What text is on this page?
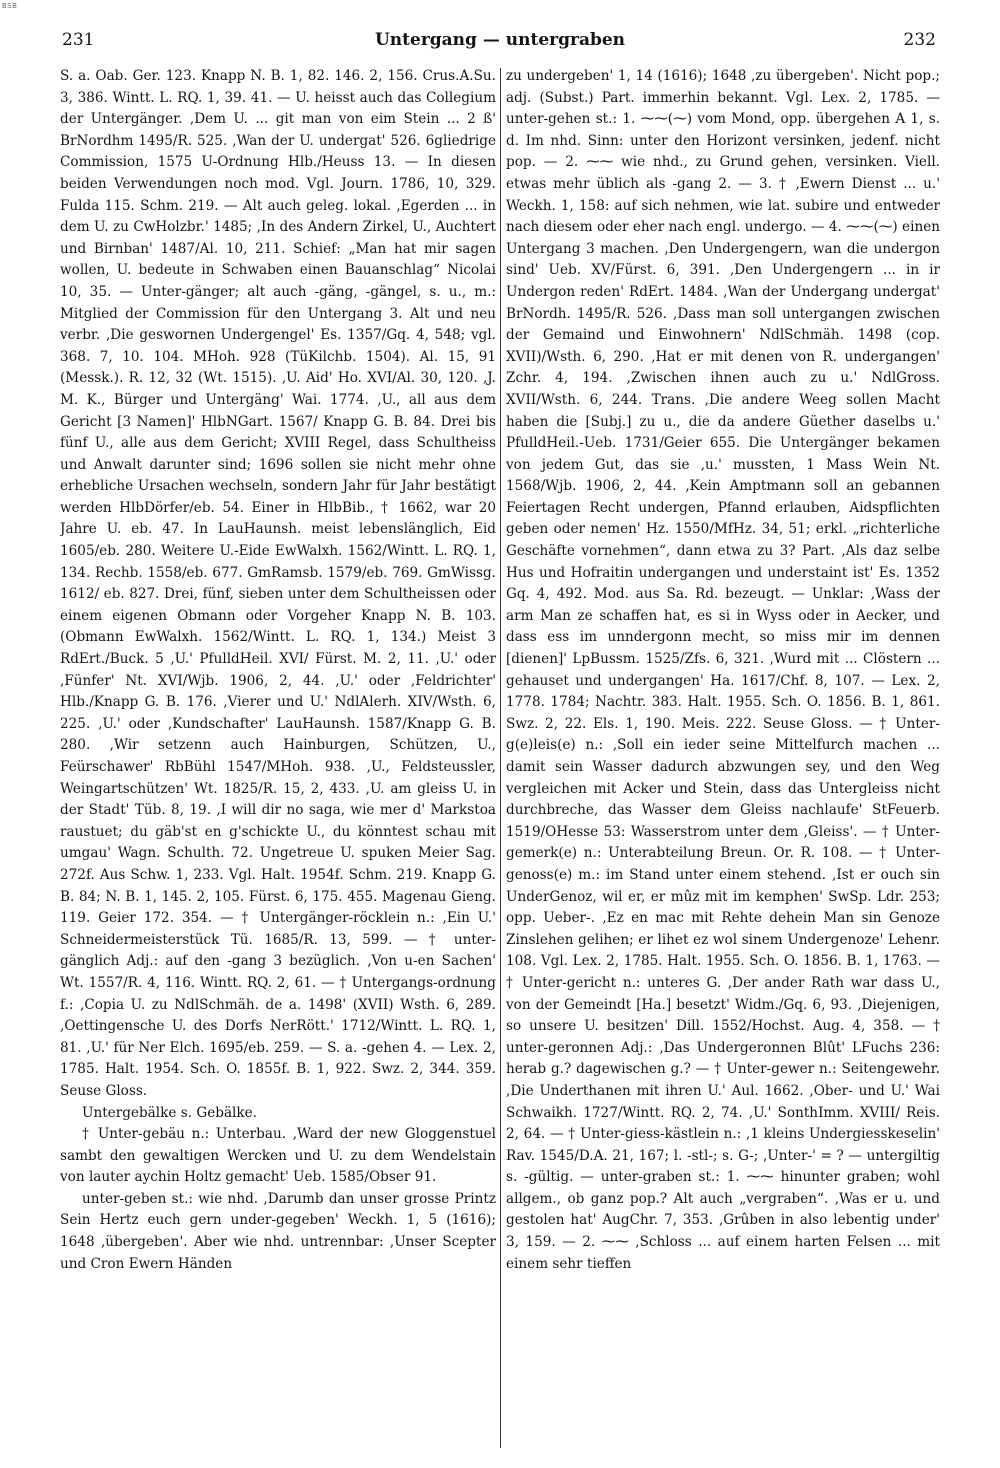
BSB
231	Untergang — untergraben	232

S. a. Oab. Ger. 123. Knapp N. B. 1, 82. 146. 2, 156. Crus.A.Su. 3, 386. Wintt. L. RQ. 1, 39. 41. — U. heisst auch das Collegium der Untergänger. ,Dem U. ... git man von eim Stein ... 2 ß' BrNordhm 1495/R. 525. ,Wan der U. undergat' 526. 6gliedrige Commission, 1575 U-Ordnung Hlb./Heuss 13. — In diesen beiden Verwendungen noch mod. Vgl. Journ. 1786, 10, 329. Fulda 115. Schm. 219. — Alt auch geleg. lokal. ,Egerden ... in dem U. zu CwHolzbr.' 1485; ,In des Andern Zirkel, U., Auchtert und Birnban' 1487/Al. 10, 211. Schief: „Man hat mir sagen wollen, U. bedeute in Schwaben einen Bauanschlag“ Nicolai 10, 35. — Unter-gänger; alt auch -gäng, -gängel, s. u., m.: Mitglied der Commission für den Untergang 3. Alt und neu verbr. ,Die geswornen Undergengel' Es. 1357/Gq. 4, 548; vgl. 368. 7, 10. 104. MHoh. 928 (TüKilchb. 1504). Al. 15, 91 (Messk.). R. 12, 32 (Wt. 1515). ,U. Aid' Ho. XVI/Al. 30, 120. ,J. M. K., Bürger und Untergäng' Wai. 1774. ,U., all aus dem Gericht [3 Namen]' HlbNGart. 1567/ Knapp G. B. 84. Drei bis fünf U., alle aus dem Gericht; XVIII Regel, dass Schultheiss und Anwalt darunter sind; 1696 sollen sie nicht mehr ohne erhebliche Ursachen wechseln, sondern Jahr für Jahr bestätigt werden HlbDörfer/eb. 54. Einer in HlbBib., † 1662, war 20 Jahre U. eb. 47. In LauHaunsh. meist lebenslänglich, Eid 1605/eb. 280. Weitere U.-Eide EwWalxh. 1562/Wintt. L. RQ. 1, 134. Rechb. 1558/eb. 677. GmRamsb. 1579/eb. 769. GmWissg. 1612/ eb. 827. Drei, fünf, sieben unter dem Schultheissen oder einem eigenen Obmann oder Vorgeher Knapp N. B. 103. (Obmann EwWalxh. 1562/Wintt. L. RQ. 1, 134.) Meist 3 RdErt./Buck. 5 ,U.' PfulldHeil. XVI/ Fürst. M. 2, 11. ,U.' oder ,Fünfer' Nt. XVI/Wjb. 1906, 2, 44. ,U.' oder ,Feldrichter' Hlb./Knapp G. B. 176. ,Vierer und U.' NdlAlerh. XIV/Wsth. 6, 225. ,U.' oder ,Kundschafter' LauHaunsh. 1587/Knapp G. B. 280. ,Wir setzenn auch Hainburgen, Schützen, U., Feürschawer' RbBühl 1547/MHoh. 938. ,U., Feldsteussler, Weingartschützen' Wt. 1825/R. 15, 2, 433. ,U. am gleiss U. in der Stadt' Tüb. 8, 19. ,I will dir no saga, wie mer d' Markstoa raustuet; du gäb'st en g'schickte U., du könntest schau mit umgau' Wagn. Schulth. 72. Ungetreue U. spuken Meier Sag. 272f. Aus Schw. 1, 233. Vgl. Halt. 1954f. Schm. 219. Knapp G. B. 84; N. B. 1, 145. 2, 105. Fürst. 6, 175. 455. Magenau Gieng. 119. Geier 172. 354. — † Untergänger-röcklein n.: ,Ein U.' Schneidermeisterstück Tü. 1685/R. 13, 599. — † unter-gänglich Adj.: auf den -gang 3 bezüglich. ,Von u-en Sachen' Wt. 1557/R. 4, 116. Wintt. RQ. 2, 61. — † Untergangs-ordnung f.: ,Copia U. zu NdlSchmäh. de a. 1498' (XVII) Wsth. 6, 289. ,Oettingensche U. des Dorfs NerRött.' 1712/Wintt. L. RQ. 1, 81. ,U.' für Ner Elch. 1695/eb. 259. — S. a. -gehen 4. — Lex. 2, 1785. Halt. 1954. Sch. O. 1855f. B. 1, 922. Swz. 2, 344. 359. Seuse Gloss.

Untergebälke s. Gebälke.

† Unter-gebäu n.: Unterbau. ,Ward der new Gloggenstuel sambt den gewaltigen Wercken und U. zu dem Wendelstain von lauter aychin Holtz gemacht' Ueb. 1585/Obser 91.

unter-geben st.: wie nhd. ,Darumb dan unser grosse Printz Sein Hertz euch gern under-gegeben' Weckh. 1, 5 (1616); 1648 ,übergeben'. Aber wie nhd. untrennbar: ,Unser Scepter und Cron Ewern Händen

zu undergeben' 1, 14 (1616); 1648 ,zu übergeben'. Nicht pop.; adj. (Subst.) Part. immerhin bekannt. Vgl. Lex. 2, 1785. — unter-gehen st.: 1. ⁓⁓(⁓) vom Mond, opp. übergehen A 1, s. d. Im nhd. Sinn: unter den Horizont versinken, jedenf. nicht pop. — 2. ⁓⁓ wie nhd., zu Grund gehen, versinken. Viell. etwas mehr üblich als -gang 2. — 3. † ,Ewern Dienst ... u.' Weckh. 1, 158: auf sich nehmen, wie lat. subire und entweder nach diesem oder eher nach engl. undergo. — 4. ⁓⁓(⁓) einen Untergang 3 machen. ,Den Undergengern, wan die undergon sind' Ueb. XV/Fürst. 6, 391. ,Den Undergengern ... in ir Undergon reden' RdErt. 1484. ,Wan der Undergang undergat' BrNordh. 1495/R. 526. ,Dass man soll untergangen zwischen der Gemaind und Einwohnern' NdlSchmäh. 1498 (cop. XVII)/Wsth. 6, 290. ,Hat er mit denen von R. undergangen' Zchr. 4, 194. ,Zwischen ihnen auch zu u.' NdlGross. XVII/Wsth. 6, 244. Trans. ,Die andere Weeg sollen Macht haben die [Subj.] zu u., die da andere Güether daselbs u.' PfulldHeil.-Ueb. 1731/Geier 655. Die Untergänger bekamen von jedem Gut, das sie ,u.' mussten, 1 Mass Wein Nt. 1568/Wjb. 1906, 2, 44. ,Kein Amptmann soll an gebannen Feiertagen Recht undergen, Pfannd erlauben, Aidspflichten geben oder nemen' Hz. 1550/MfHz. 34, 51; erkl. „richterliche Geschäfte vornehmen“, dann etwa zu 3? Part. ,Als daz selbe Hus und Hofraitin undergangen und understaint ist' Es. 1352 Gq. 4, 492. Mod. aus Sa. Rd. bezeugt. — Unklar: ,Wass der arm Man ze schaffen hat, es si in Wyss oder in Aecker, und dass ess im unndergonn mecht, so miss mir im dennen [dienen]' LpBussm. 1525/Zfs. 6, 321. ,Wurd mit ... Clöstern ... gehauset und undergangen' Ha. 1617/Chf. 8, 107. — Lex. 2, 1778. 1784; Nachtr. 383. Halt. 1955. Sch. O. 1856. B. 1, 861. Swz. 2, 22. Els. 1, 190. Meis. 222. Seuse Gloss. — † Unter-g(e)leis(e) n.: ,Soll ein ieder seine Mittelfurch machen ... damit sein Wasser dadurch abzwungen sey, und den Weg vergleichen mit Acker und Stein, dass das Untergleiss nicht durchbreche, das Wasser dem Gleiss nachlaufe' StFeuerb. 1519/OHesse 53: Wasserstrom unter dem ,Gleiss'. — † Unter-gemerk(e) n.: Unterabteilung Breun. Or. R. 108. — † Unter-genoss(e) m.: im Stand unter einem stehend. ,Ist er ouch sin UnderGenoz, wil er, er mûz mit im kemphen' SwSp. Ldr. 253; opp. Ueber-. ,Ez en mac mit Rehte dehein Man sin Genoze Zinslehen gelihen; er lihet ez wol sinem Undergenoze' Lehenr. 108. Vgl. Lex. 2, 1785. Halt. 1955. Sch. O. 1856. B. 1, 1763. — † Unter-gericht n.: unteres G. ,Der ander Rath war dass U., von der Gemeindt [Ha.] besetzt' Widm./Gq. 6, 93. ,Diejenigen, so unsere U. besitzen' Dill. 1552/Hochst. Aug. 4, 358. — † unter-geronnen Adj.: ,Das Undergeronnen Blût' LFuchs 236: herab g.? dagewischen g.? — † Unter-gewer n.: Seitengewehr. ,Die Underthanen mit ihren U.' Aul. 1662. ,Ober- und U.' Wai Schwaikh. 1727/Wintt. RQ. 2, 74. ,U.' SonthImm. XVIII/ Reis. 2, 64. — † Unter-giess-kästlein n.: ,1 kleins Undergiesskeselin' Rav. 1545/D.A. 21, 167; l. -stl-; s. G-; ,Unter-' = ? — untergiltig s. -gültig. — unter-graben st.: 1. ⁓⁓ hinunter graben; wohl allgem., ob ganz pop.? Alt auch „vergraben“. ,Was er u. und gestolen hat' AugChr. 7, 353. ,Grûben in also lebentig under' 3, 159. — 2. ⁓⁓ ,Schloss ... auf einem harten Felsen ... mit einem sehr tieffen
